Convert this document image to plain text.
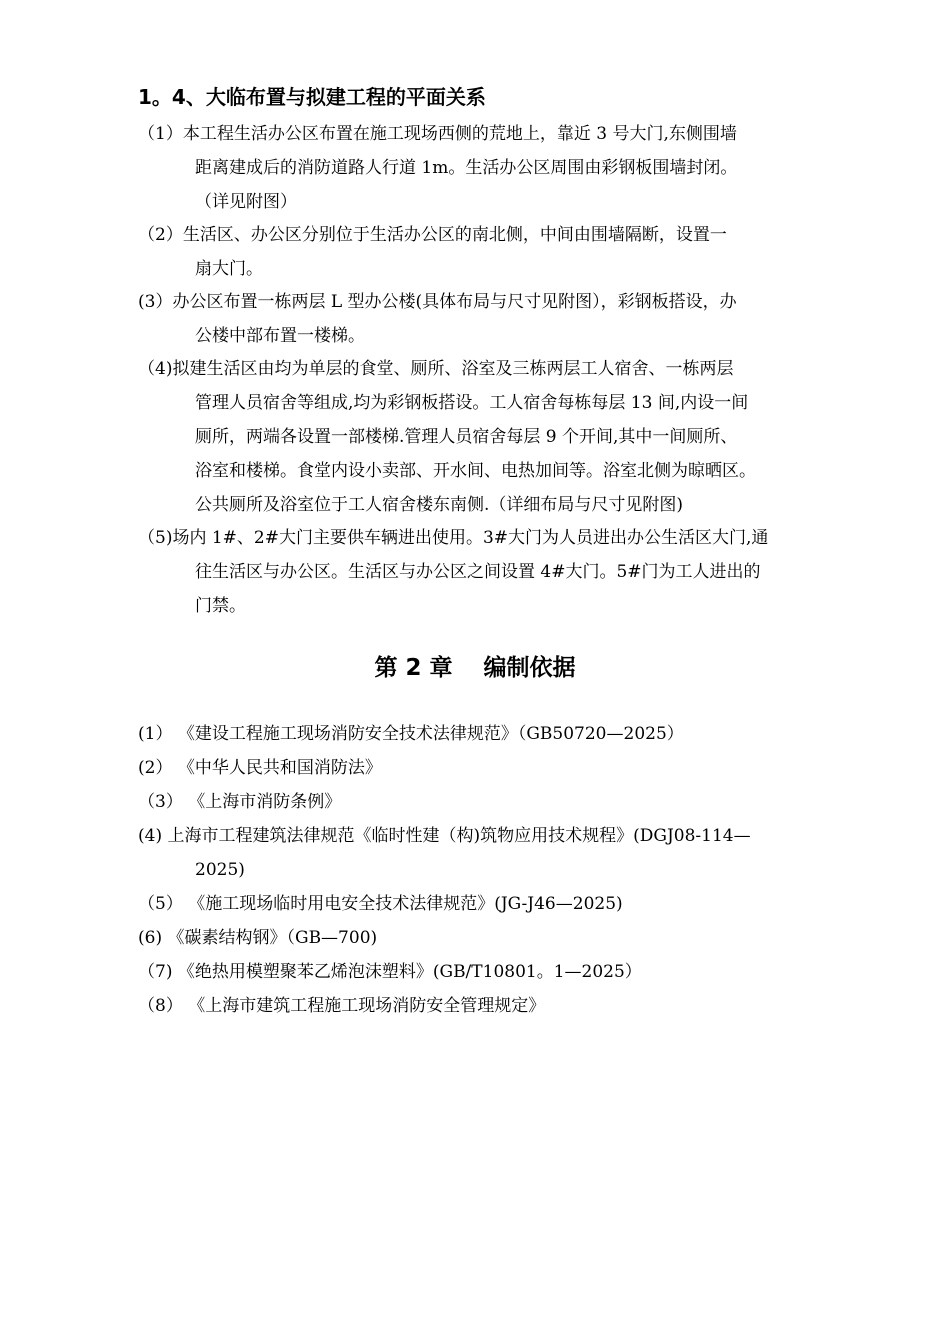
1。4、大临布置与拟建工程的平面关系
（1）本工程生活办公区布置在施工现场西侧的荒地上，靠近 3 号大门,东侧围墙
距离建成后的消防道路人行道 1m。生活办公区周围由彩钢板围墙封闭。
（详见附图）
（2）生活区、办公区分别位于生活办公区的南北侧，中间由围墙隔断，设置一
扇大门。
(3）办公区布置一栋两层 L 型办公楼(具体布局与尺寸见附图），彩钢板搭设，办
公楼中部布置一楼梯。
（4)拟建生活区由均为单层的食堂、厕所、浴室及三栋两层工人宿舍、一栋两层
管理人员宿舍等组成,均为彩钢板搭设。工人宿舍每栋每层 13 间,内设一间
厕所，两端各设置一部楼梯.管理人员宿舍每层 9 个开间,其中一间厕所、
浴室和楼梯。食堂内设小卖部、开水间、电热加间等。浴室北侧为晾晒区。
公共厕所及浴室位于工人宿舍楼东南侧.（详细布局与尺寸见附图)
（5)场内 1#、2#大门主要供车辆进出使用。3#大门为人员进出办公生活区大门,通
往生活区与办公区。生活区与办公区之间设置 4#大门。5#门为工人进出的
门禁。
第 2 章　 编制依据
(1） 《建设工程施工现场消防安全技术法律规范》（GB50720—2025）
(2） 《中华人民共和国消防法》
（3） 《上海市消防条例》
(4) 上海市工程建筑法律规范《临时性建（构)筑物应用技术规程》(DGJ08-114—
2025)
（5） 《施工现场临时用电安全技术法律规范》(JG-J46—2025)
(6) 《碳素结构钢》（GB—700)
（7) 《绝热用模塑聚苯乙烯泡沫塑料》(GB/T10801。1—2025）
（8） 《上海市建筑工程施工现场消防安全管理规定》
